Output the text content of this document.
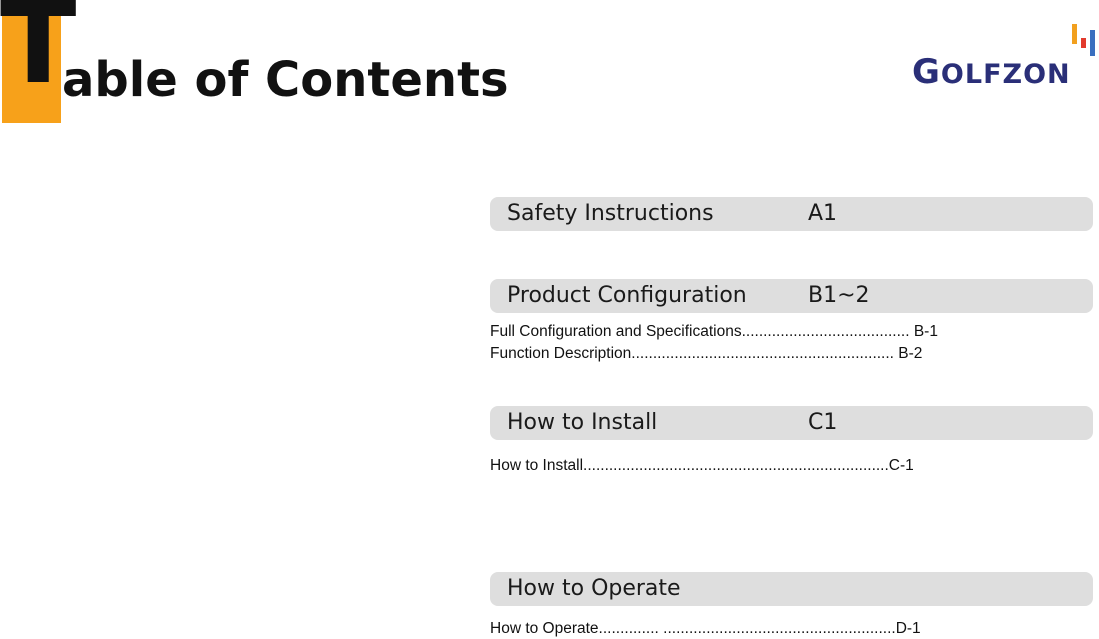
T
able of Contents	GOLFZON
Safety Instructions	A1
Product Configuration	B1~2
Full Configuration and Specifications....................................... B-1
Function Description............................................................. B-2
How to Install	C1
How to Install.......................................................................C-1
How to Operate
How to Operate.............. ......................................................D-1
